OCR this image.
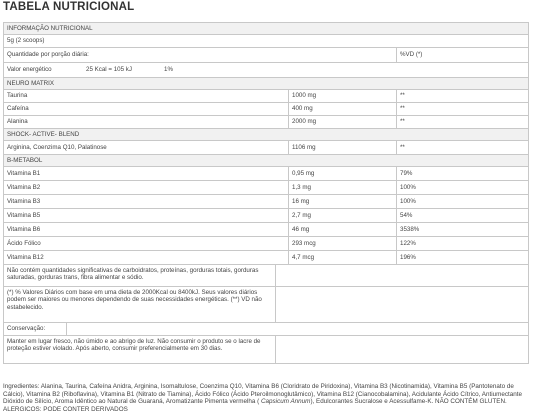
TABELA NUTRICIONAL
INFORMAÇÃO NUTRICIONAL
5g (2 scoops)
Quantidade por porção diária:	%VD (*)
Valor energético	25 Kcal = 105 kJ	1%
NEURO MATRIX
Taurina	1000 mg	**
Cafeína	400 mg	**
Alanina	2000 mg	**
SHOCK- ACTIVE- BLEND
Arginina, Coenzima Q10, Palatinose	1106 mg	**
B-METABOL
Vitamina B1	0,95 mg	79%
Vitamina B2	1,3 mg	100%
Vitamina B3	16 mg	100%
Vitamina B5	2,7 mg	54%
Vitamina B6	46 mg	3538%
Ácido Fólico	293 mcg	122%
Vitamina B12	4,7 mcg	196%
Não contém quantidades significativas de carboidratos, proteínas, gorduras totais, gorduras saturadas, gorduras trans, fibra alimentar e sódio.
(*) % Valores Diários com base em uma dieta de 2000Kcal ou 8400kJ. Seus valores diários podem ser maiores ou menores dependendo de suas necessidades energéticas. (**) VD não estabelecido.
Conservação:
Manter em lugar fresco, não úmido e ao abrigo de luz. Não consumir o produto se o lacre de proteção estiver violado. Após aberto, consumir preferencialmente em 30 dias.

Ingredientes: Alanina, Taurina, Cafeína Anidra, Arginina, Isomaltulose, Coenzima Q10, Vitamina B6 (Cloridrato de Piridoxina), Vitamina B3 (Nicotinamida), Vitamina B5 (Pantotenato de Cálcio), Vitamina B2 (Riboflavina), Vitamina B1 (Nitrato de Tiamina), Ácido Fólico (Ácido Pteroilmonoglutâmico), Vitamina B12 (Cianocobalamina), Acidulante Ácido Cítrico, Antiumectante Dióxido de Silício, Aroma Idêntico ao Natural de Guaraná, Aromatizante Pimenta vermelha ( Capsicum Annum), Edulcorantes Sucralose e Acessulfame-K. NÃO CONTÉM GLUTEN. ALERGICOS: PODE CONTER DERIVADOS
